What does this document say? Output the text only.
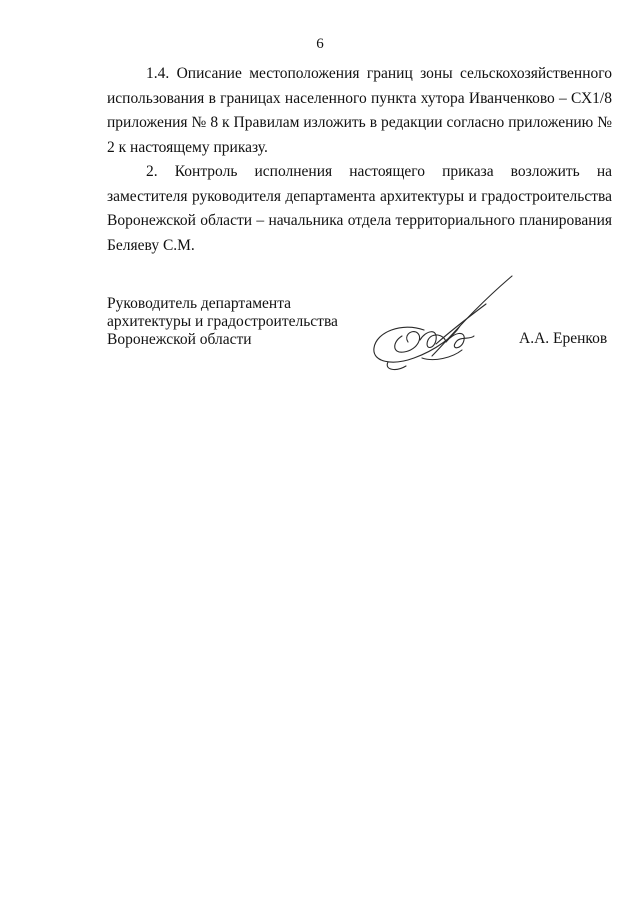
6

1.4. Описание местоположения границ зоны сельскохозяйственного использования в границах населенного пункта хутора Иванченково – СХ1/8 приложения № 8 к Правилам изложить в редакции согласно приложению № 2 к настоящему приказу.

2. Контроль исполнения настоящего приказа возложить на заместителя руководителя департамента архитектуры и градостроительства Воронежской области – начальника отдела территориального планирования Беляеву С.М.

Руководитель департамента
архитектуры и градостроительства
Воронежской области	А.А. Еренков
